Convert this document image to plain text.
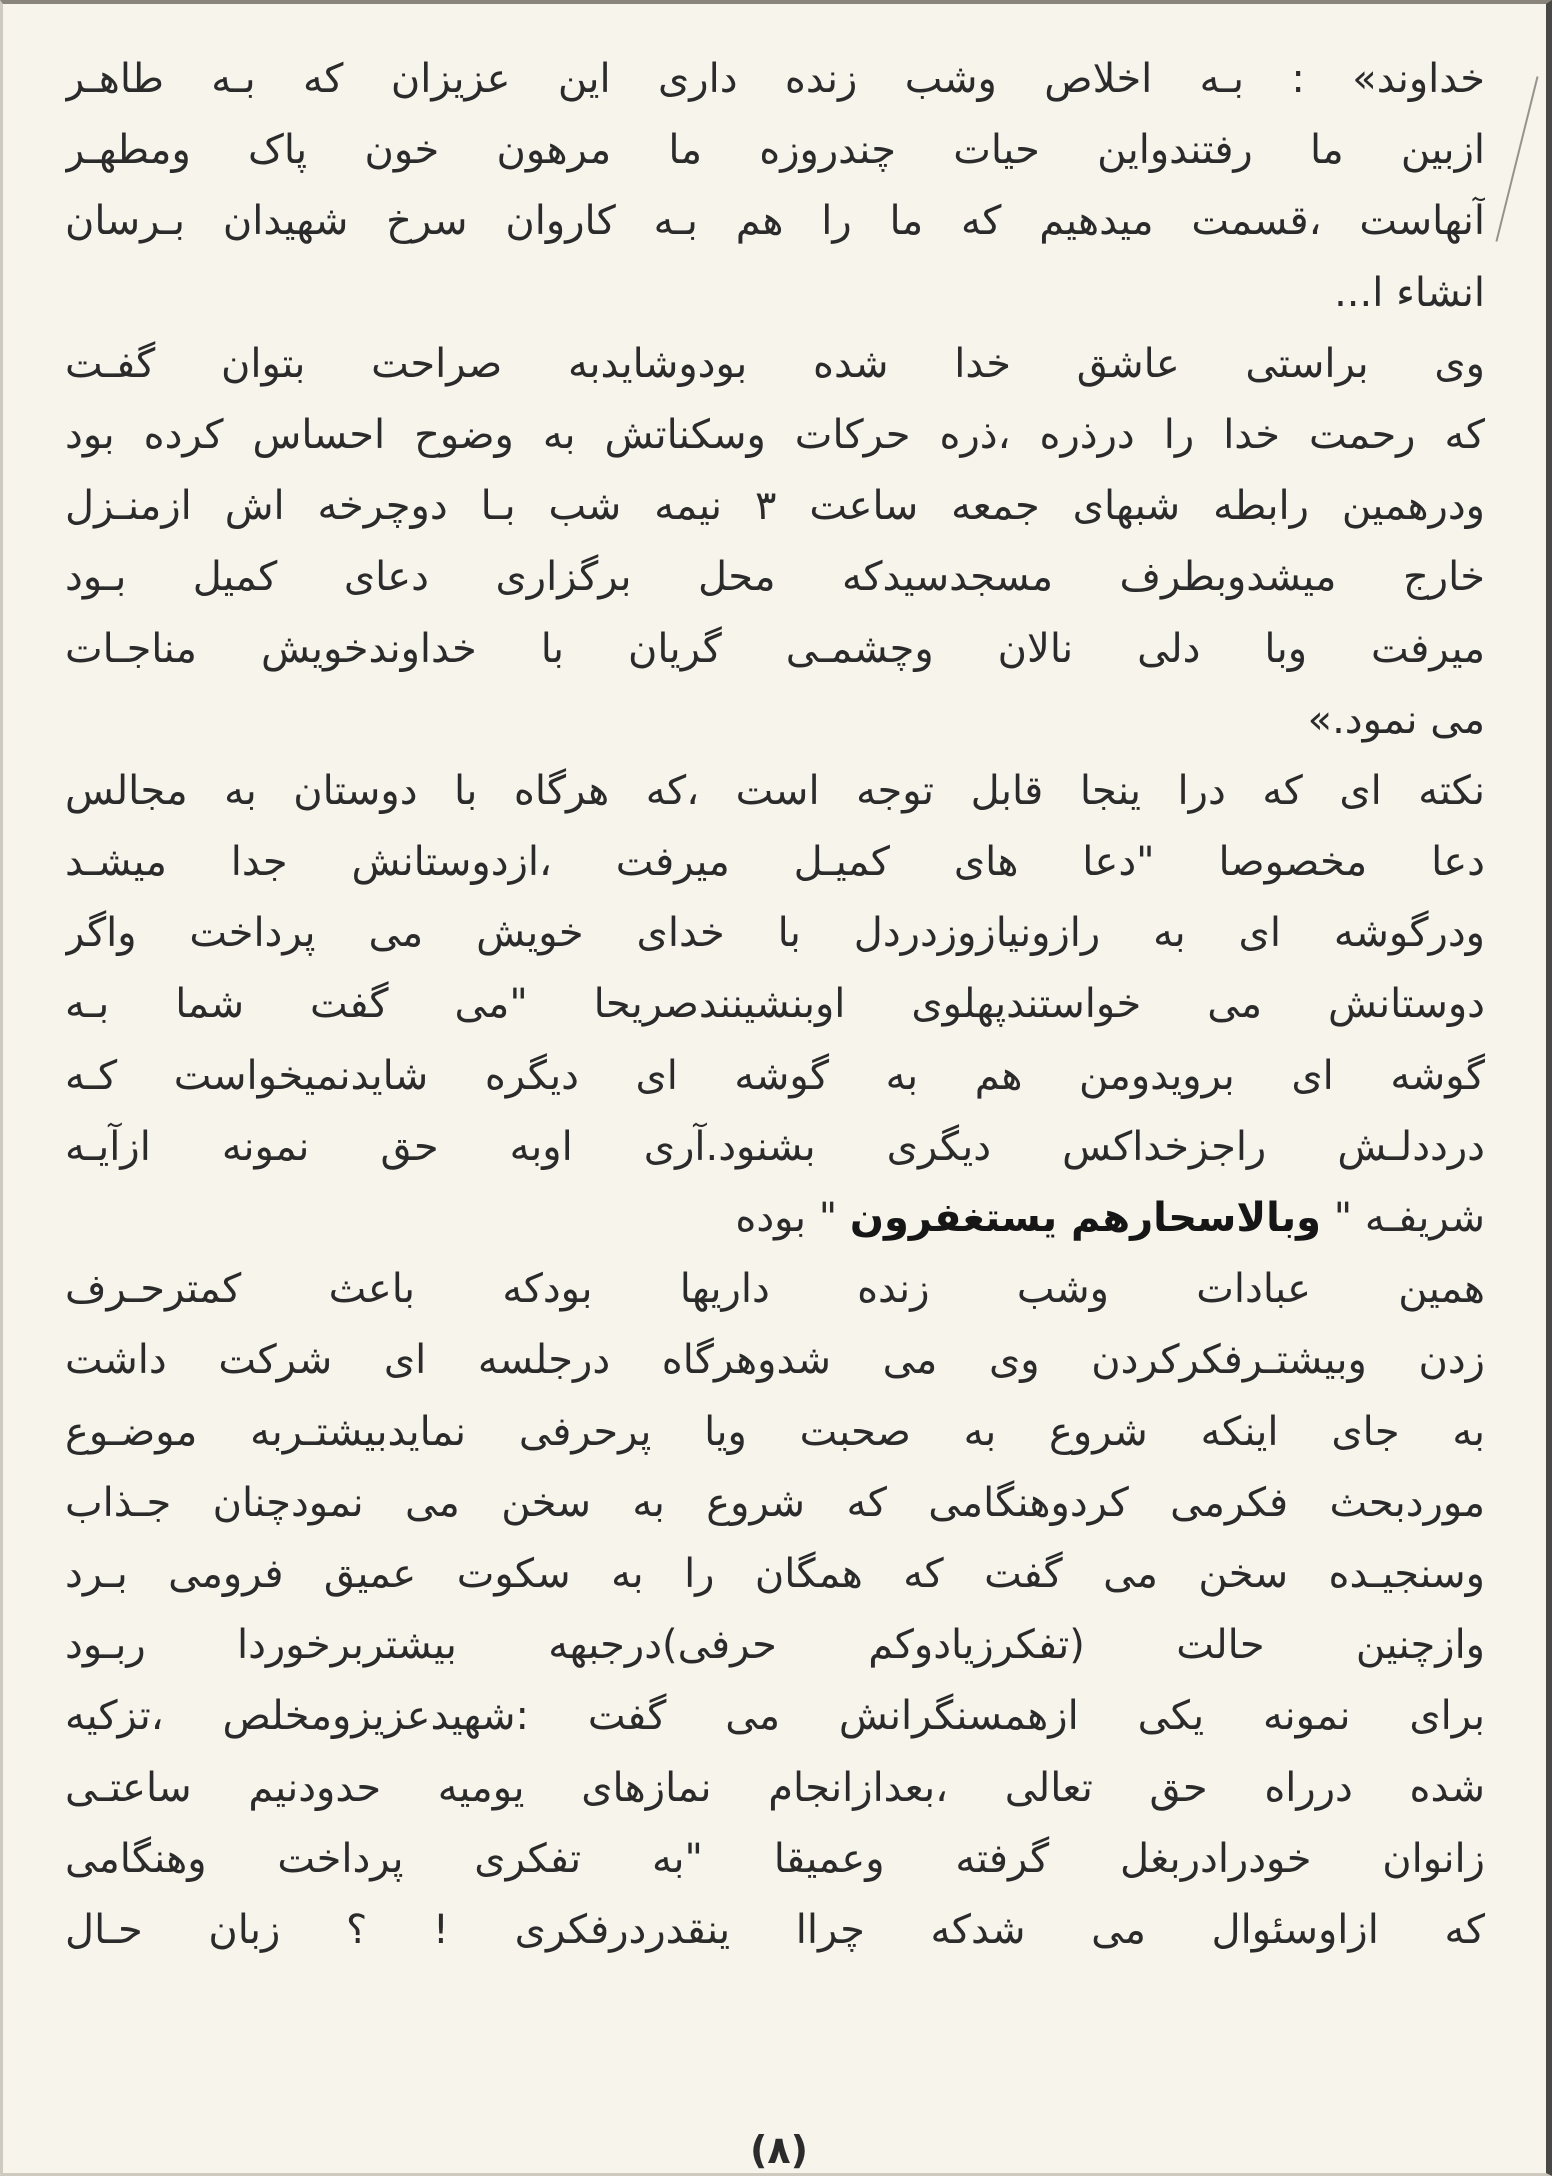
خداوند» : بـه اخلاص وشب زنده داری این عزیزان که بـه طاهـر
ازبین ما رفتندواین حیات چندروزه ما مرهون خون پاک ومطهـر
آنهاست ،قسمت میدهیم که ما را هم بـه کاروان سرخ شهیدان بـرسان
انشاء ا...
وی براستی عاشق خدا شده بودوشایدبه صراحت بتوان گفـت
که رحمت خدا را درذره ،ذره حرکات وسکناتش به وضوح احساس کرده بود
ودرهمین رابطه شبهای جمعه ساعت ۳ نیمه شب بـا دوچرخه اش ازمنـزل
خارج میشدوبطرف مسجدسیدکه محل برگزاری دعای کمیل بـود
میرفت وبا دلی نالان وچشمـی گریان با خداوندخویش مناجـات
می نمود.»
نکته ای که درا ینجا قابل توجه است ،که هرگاه با دوستان به مجالس
دعا مخصوصا "دعا های کمیـل میرفت ،ازدوستانش جدا میشـد
ودرگوشه ای به رازونیازوزدردل با خدای خویش می پرداخت واگر
دوستانش می خواستندپهلوی اوبنشینندصریحا "می گفت شما بـه
گوشه ای برویدومن هم به گوشه ای دیگره شایدنمیخواست کـه
درددلـش راجزخداکس دیگری بشنود.آری اوبه حق نمونه ازآیـه
شریفـه " وبالاسحارهم یستغفرون " بوده
همین عبادات وشب زنده داریها بودکه باعث کمترحـرف
زدن وبیشتـرفکرکردن وی می شدوهرگاه درجلسه ای شرکت داشت
به جای اینکه شروع به صحبت ویا پرحرفی نمایدبیشتـربه موضـوع
موردبحث فکرمی کردوهنگامی که شروع به سخن می نمودچنان جـذاب
وسنجیـده سخن می گفت که همگان را به سکوت عمیق فرومی بـرد
وازچنین حالت (تفکرزیادوکم حرفی)درجبهه بیشتربرخوردا ربـود
برای نمونه یکی ازهمسنگرانش می گفت :شهیدعزیزومخلص ،تزکیه
شده درراه حق تعالی ،بعدازانجام نمازهای یومیه حدودنیم ساعتـی
زانوان خودرادربغل گرفته وعمیقا "به تفکری پرداخت وهنگامی
که ازاوسئوال می شدکه چراا ینقدردرفکری ! ؟ زبان حـال
(۸)
